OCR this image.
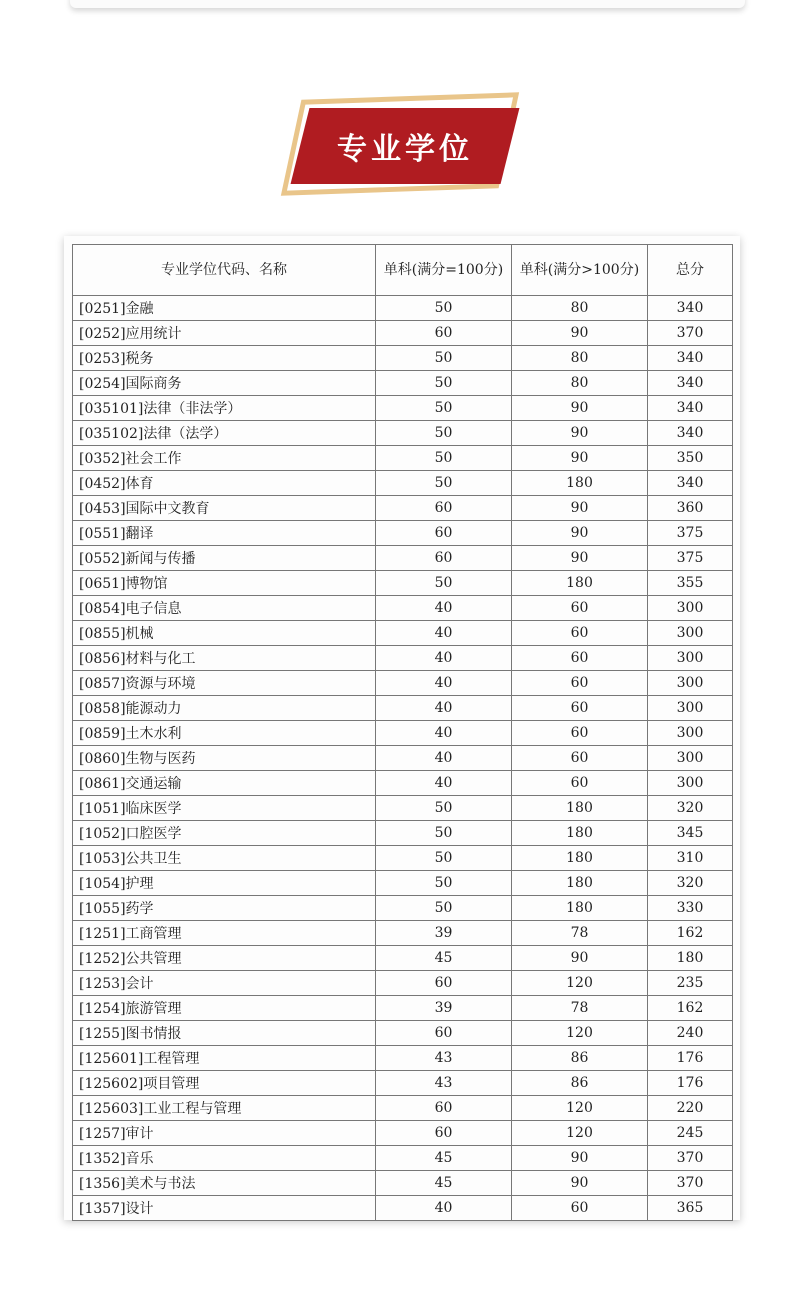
专业学位
专业学位代码、名称	单科(满分=100分)	单科(满分>100分)	总分
[0251]金融	50	80	340
[0252]应用统计	60	90	370
[0253]税务	50	80	340
[0254]国际商务	50	80	340
[035101]法律（非法学）	50	90	340
[035102]法律（法学）	50	90	340
[0352]社会工作	50	90	350
[0452]体育	50	180	340
[0453]国际中文教育	60	90	360
[0551]翻译	60	90	375
[0552]新闻与传播	60	90	375
[0651]博物馆	50	180	355
[0854]电子信息	40	60	300
[0855]机械	40	60	300
[0856]材料与化工	40	60	300
[0857]资源与环境	40	60	300
[0858]能源动力	40	60	300
[0859]土木水利	40	60	300
[0860]生物与医药	40	60	300
[0861]交通运输	40	60	300
[1051]临床医学	50	180	320
[1052]口腔医学	50	180	345
[1053]公共卫生	50	180	310
[1054]护理	50	180	320
[1055]药学	50	180	330
[1251]工商管理	39	78	162
[1252]公共管理	45	90	180
[1253]会计	60	120	235
[1254]旅游管理	39	78	162
[1255]图书情报	60	120	240
[125601]工程管理	43	86	176
[125602]项目管理	43	86	176
[125603]工业工程与管理	60	120	220
[1257]审计	60	120	245
[1352]音乐	45	90	370
[1356]美术与书法	45	90	370
[1357]设计	40	60	365
